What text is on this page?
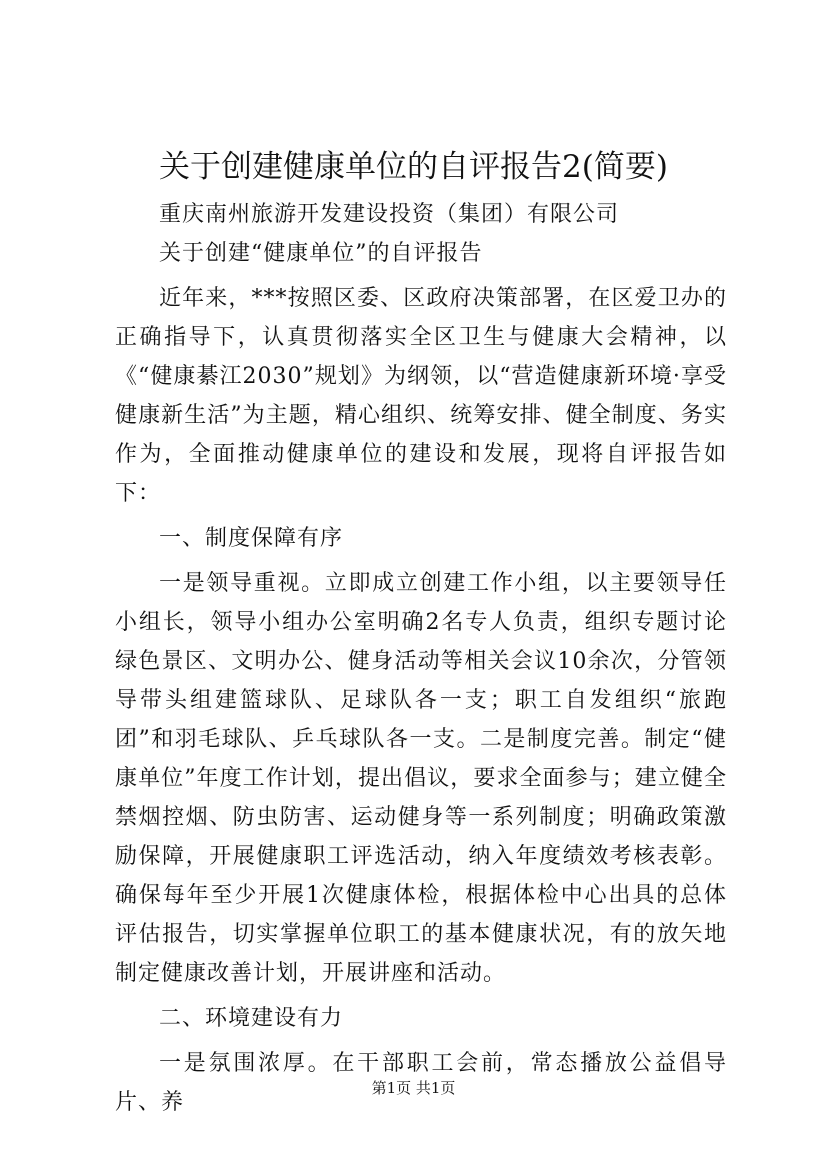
关于创建健康单位的自评报告2(简要)

重庆南州旅游开发建设投资（集团）有限公司

关于创建“健康单位”的自评报告

近年来，***按照区委、区政府决策部署，在区爱卫办的正确指导下，认真贯彻落实全区卫生与健康大会精神，以《“健康綦江2030”规划》为纲领，以“营造健康新环境·享受健康新生活”为主题，精心组织、统筹安排、健全制度、务实作为，全面推动健康单位的建设和发展，现将自评报告如下：

一、制度保障有序

一是领导重视。立即成立创建工作小组，以主要领导任小组长，领导小组办公室明确2名专人负责，组织专题讨论绿色景区、文明办公、健身活动等相关会议10余次，分管领导带头组建篮球队、足球队各一支；职工自发组织“旅跑团”和羽毛球队、乒乓球队各一支。二是制度完善。制定“健康单位”年度工作计划，提出倡议，要求全面参与；建立健全禁烟控烟、防虫防害、运动健身等一系列制度；明确政策激励保障，开展健康职工评选活动，纳入年度绩效考核表彰。确保每年至少开展1次健康体检，根据体检中心出具的总体评估报告，切实掌握单位职工的基本健康状况，有的放矢地制定健康改善计划，开展讲座和活动。

二、环境建设有力

一是氛围浓厚。在干部职工会前，常态播放公益倡导片、养

第1页 共1页
